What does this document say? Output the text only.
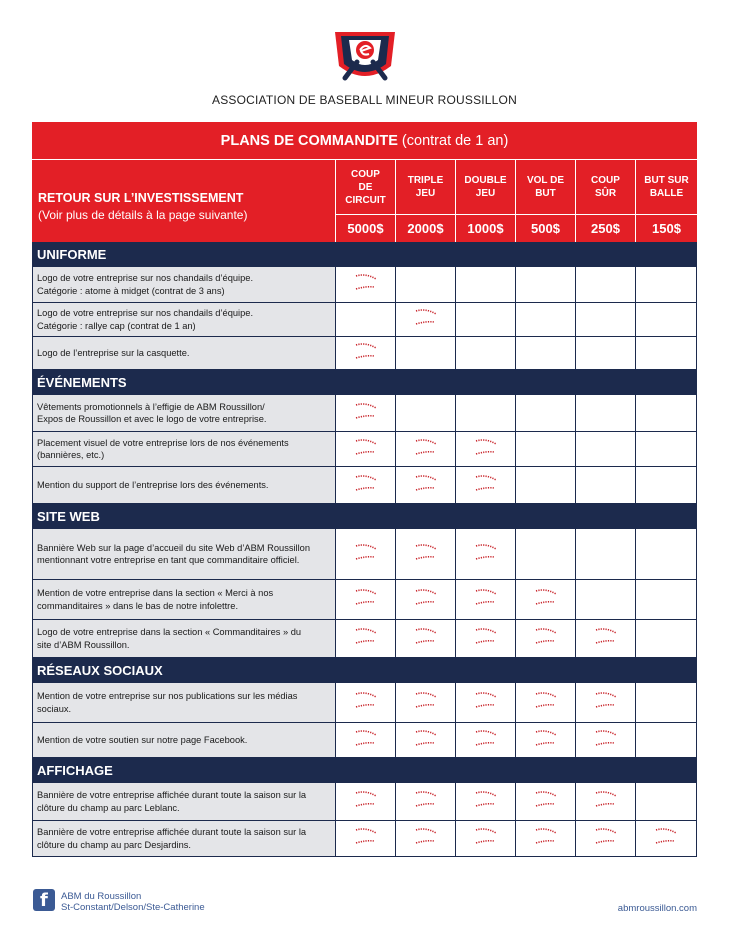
ASSOCIATION DE BASEBALL MINEUR ROUSSILLON
PLANS DE COMMANDITE (contrat de 1 an)
RETOUR SUR L’INVESTISSEMENT
(Voir plus de détails à la page suivante)
COUP
DE
CIRCUIT
5000$
TRIPLE
JEU
2000$
DOUBLE
JEU
1000$
VOL DE
BUT
500$
COUP
SÛR
250$
BUT SUR
BALLE
150$
UNIFORME
Logo de votre entreprise sur nos chandails d’équipe.
Catégorie : atome à midget (contrat de 3 ans)
Logo de votre entreprise sur nos chandails d’équipe.
Catégorie : rallye cap (contrat de 1 an)
Logo de l’entreprise sur la casquette.
ÉVÉNEMENTS
Vêtements promotionnels à l’effigie de ABM Roussillon/
Expos de Roussillon et avec le logo de votre entreprise.
Placement visuel de votre entreprise lors de nos événements
(bannières, etc.)
Mention du support de l’entreprise lors des événements.
SITE WEB
Bannière Web sur la page d’accueil du site Web d’ABM Roussillon
mentionnant votre entreprise en tant que commanditaire officiel.
Mention de votre entreprise dans la section « Merci à nos
commanditaires » dans le bas de notre infolettre.
Logo de votre entreprise dans la section « Commanditaires » du
site d’ABM Roussillon.
RÉSEAUX SOCIAUX
Mention de votre entreprise sur nos publications sur les médias
sociaux.
Mention de votre soutien sur notre page Facebook.
AFFICHAGE
Bannière de votre entreprise affichée durant toute la saison sur la
clôture du champ au parc Leblanc.
Bannière de votre entreprise affichée durant toute la saison sur la
clôture du champ au parc Desjardins.
f ABM du Roussillon
St-Constant/Delson/Ste-Catherine	abmroussillon.com
